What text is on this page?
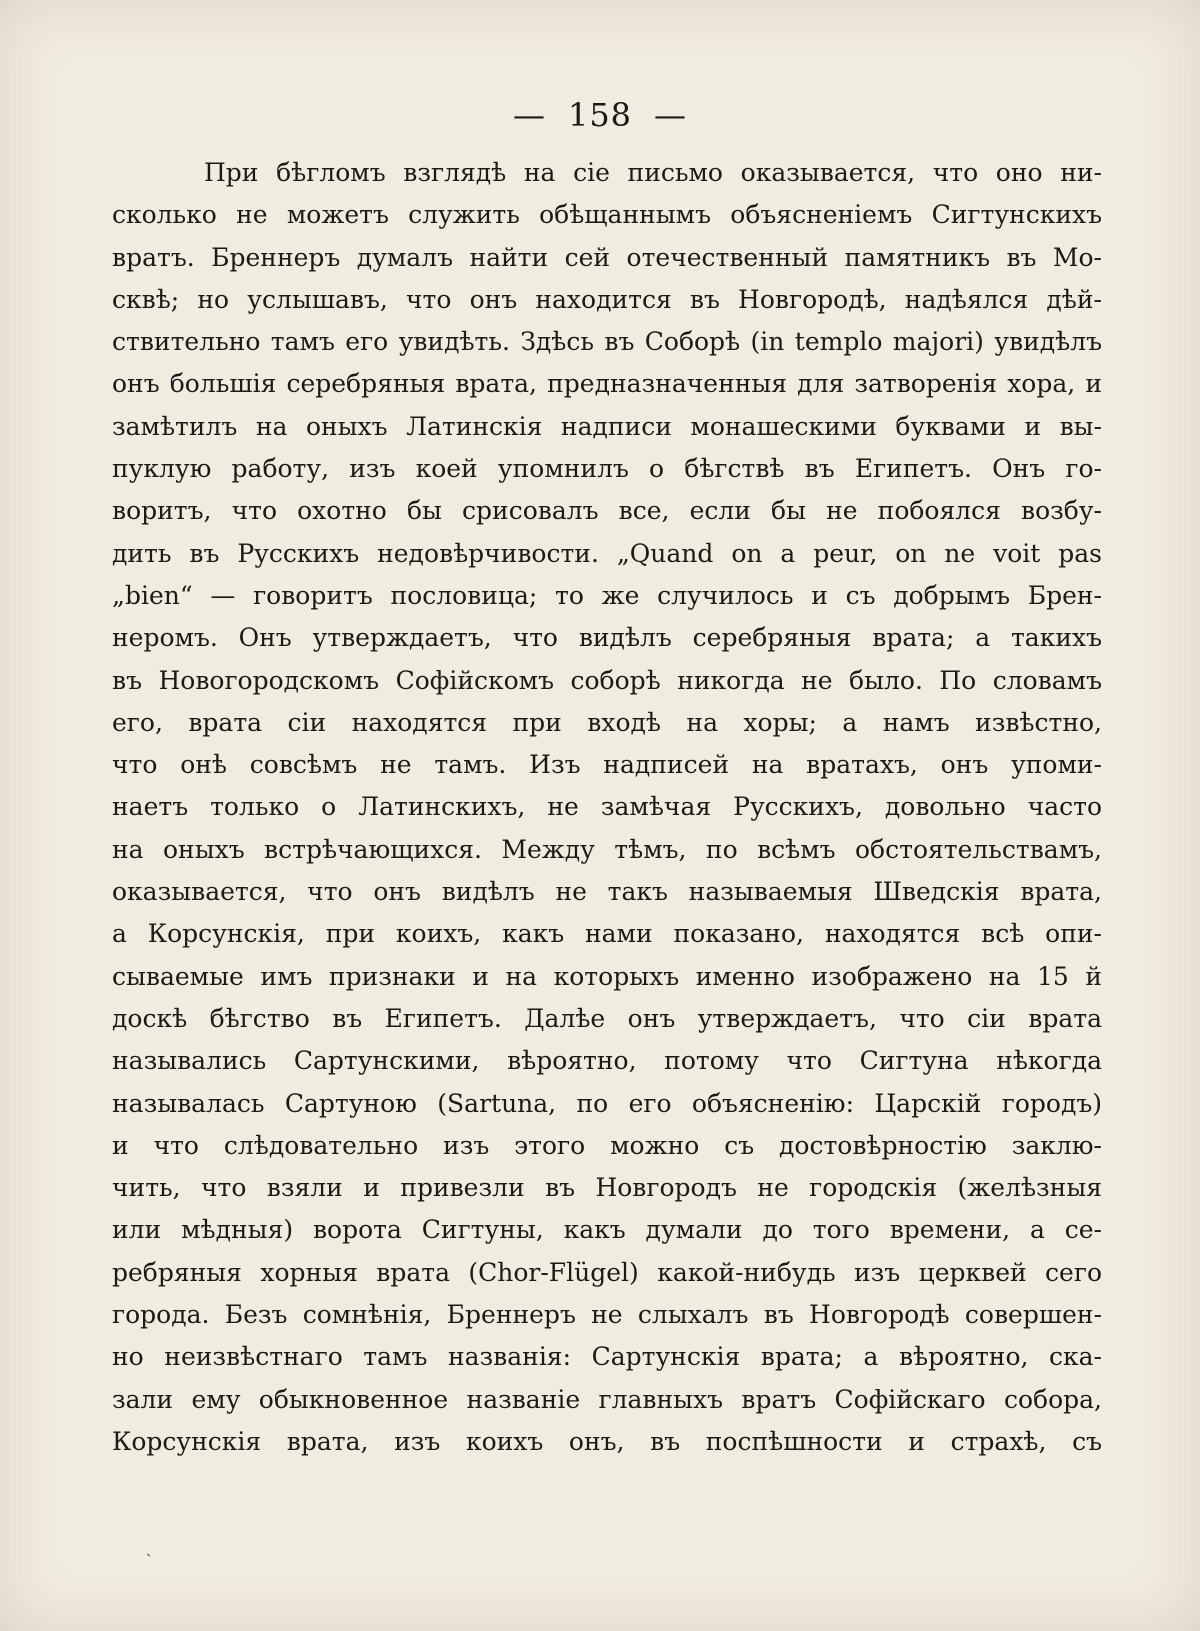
— 158 —
При бѣгломъ взглядѣ на сіе письмо оказывается, что оно ни-
сколько не можетъ служить обѣщаннымъ объясненіемъ Сигтунскихъ
вратъ. Бреннеръ думалъ найти сей отечественный памятникъ въ Мо-
сквѣ; но услышавъ, что онъ находится въ Новгородѣ, надѣялся дѣй-
ствительно тамъ его увидѣть. Здѣсь въ Соборѣ (in templo majori) увидѣлъ
онъ большія серебряныя врата, предназначенныя для затворенія хора, и
замѣтилъ на оныхъ Латинскія надписи монашескими буквами и вы-
пуклую работу, изъ коей упомнилъ о бѣгствѣ въ Египетъ. Онъ го-
воритъ, что охотно бы срисовалъ все, если бы не побоялся возбу-
дить въ Русскихъ недовѣрчивости. „Quand on a peur, on ne voit pas
„bien“ — говоритъ пословица; то же случилось и съ добрымъ Брен-
неромъ. Онъ утверждаетъ, что видѣлъ серебряныя врата; а такихъ
въ Новогородскомъ Софійскомъ соборѣ никогда не было. По словамъ
его, врата сіи находятся при входѣ на хоры; а намъ извѣстно,
что онѣ совсѣмъ не тамъ. Изъ надписей на вратахъ, онъ упоми-
наетъ только о Латинскихъ, не замѣчая Русскихъ, довольно часто
на оныхъ встрѣчающихся. Между тѣмъ, по всѣмъ обстоятельствамъ,
оказывается, что онъ видѣлъ не такъ называемыя Шведскія врата,
а Корсунскія, при коихъ, какъ нами показано, находятся всѣ опи-
сываемые имъ признаки и на которыхъ именно изображено на 15 й
доскѣ бѣгство въ Египетъ. Далѣе онъ утверждаетъ, что сіи врата
назывались Сартунскими, вѣроятно, потому что Сигтуна нѣкогда
называлась Сартуною (Sartuna, по его объясненію: Царскій городъ)
и что слѣдовательно изъ этого можно съ достовѣрностію заклю-
чить, что взяли и привезли въ Новгородъ не городскія (желѣзныя
или мѣдныя) ворота Сигтуны, какъ думали до того времени, а се-
ребряныя хорныя врата (Chor-Flügel) какой-нибудь изъ церквей сего
города. Безъ сомнѣнія, Бреннеръ не слыхалъ въ Новгородѣ совершен-
но неизвѣстнаго тамъ названія: Сартунскія врата; а вѣроятно, ска-
зали ему обыкновенное названіе главныхъ вратъ Софійскаго собора,
Корсунскія врата, изъ коихъ онъ, въ поспѣшности и страхѣ, съ
ˎ
